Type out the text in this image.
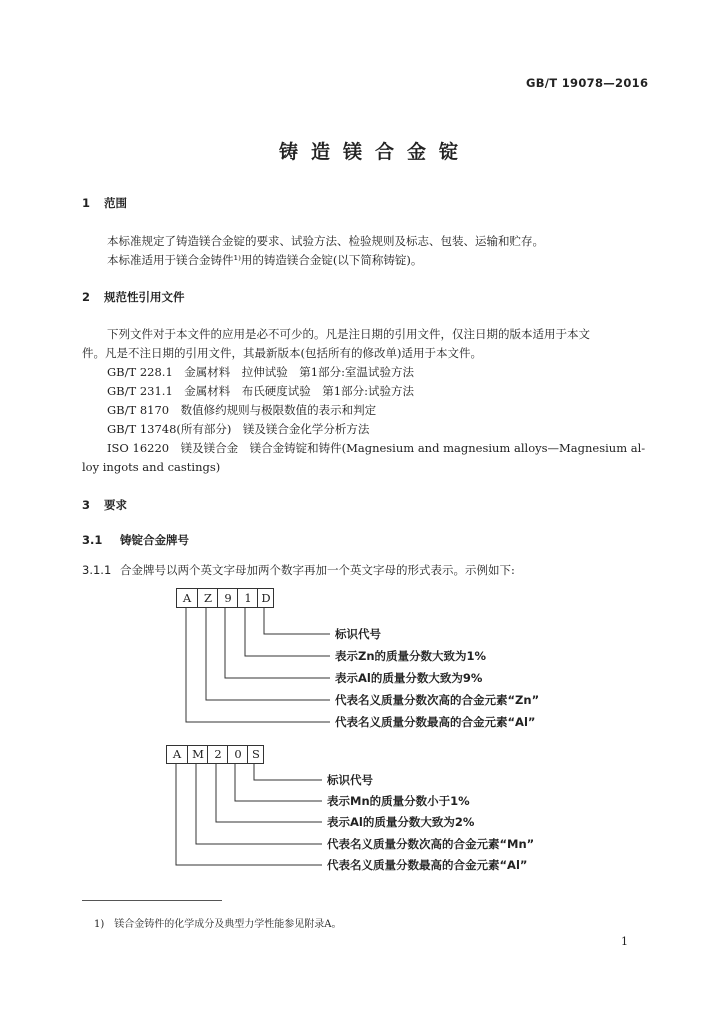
GB/T 19078—2016
铸造镁合金锭
1 范围
本标准规定了铸造镁合金锭的要求、试验方法、检验规则及标志、包装、运输和贮存。
本标准适用于镁合金铸件¹⁾用的铸造镁合金锭(以下简称铸锭)。
2 规范性引用文件
下列文件对于本文件的应用是必不可少的。凡是注日期的引用文件，仅注日期的版本适用于本文
件。凡是不注日期的引用文件，其最新版本(包括所有的修改单)适用于本文件。
GB/T 228.1　金属材料　拉伸试验　第1部分:室温试验方法
GB/T 231.1　金属材料　布氏硬度试验　第1部分:试验方法
GB/T 8170　数值修约规则与极限数值的表示和判定
GB/T 13748(所有部分)　镁及镁合金化学分析方法
ISO 16220　镁及镁合金　镁合金铸锭和铸件(Magnesium and magnesium alloys—Magnesium al-
loy ingots and castings)
3 要求
3.1 铸锭合金牌号
3.1.1 合金牌号以两个英文字母加两个数字再加一个英文字母的形式表示。示例如下:
A	Z	9	1 D
标识代号
表示Zn的质量分数大致为1%
表示Al的质量分数大致为9%
代表名义质量分数次高的合金元素“Zn”
代表名义质量分数最高的合金元素“Al”
A M 2	0 S
标识代号
表示Mn的质量分数小于1%
表示Al的质量分数大致为2%
代表名义质量分数次高的合金元素“Mn”
代表名义质量分数最高的合金元素“Al”
1)　镁合金铸件的化学成分及典型力学性能参见附录A。
1
